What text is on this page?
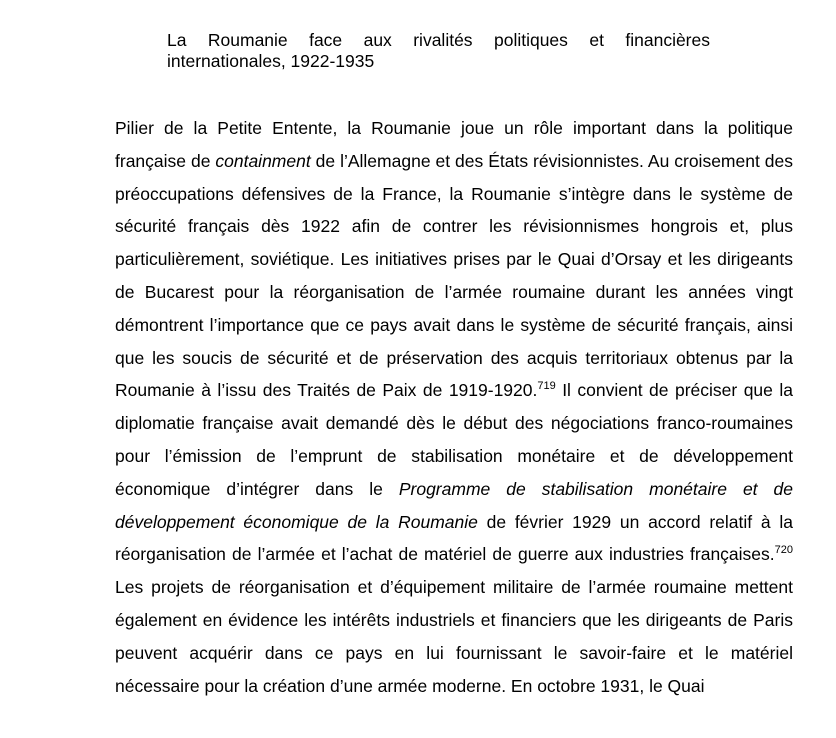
La Roumanie face aux rivalités politiques et financières internationales, 1922-1935

Pilier de la Petite Entente, la Roumanie joue un rôle important dans la politique française de containment de l’Allemagne et des États révisionnistes. Au croisement des préoccupations défensives de la France, la Roumanie s’intègre dans le système de sécurité français dès 1922 afin de contrer les révisionnismes hongrois et, plus particulièrement, soviétique. Les initiatives prises par le Quai d’Orsay et les dirigeants de Bucarest pour la réorganisation de l’armée roumaine durant les années vingt démontrent l’importance que ce pays avait dans le système de sécurité français, ainsi que les soucis de sécurité et de préservation des acquis territoriaux obtenus par la Roumanie à l’issu des Traités de Paix de 1919-1920.$^{719}$ Il convient de préciser que la diplomatie française avait demandé dès le début des négociations franco-roumaines pour l’émission de l’emprunt de stabilisation monétaire et de développement économique d’intégrer dans le Programme de stabilisation monétaire et de développement économique de la Roumanie de février 1929 un accord relatif à la réorganisation de l’armée et l’achat de matériel de guerre aux industries françaises.$^{720}$ Les projets de réorganisation et d’équipement militaire de l’armée roumaine mettent également en évidence les intérêts industriels et financiers que les dirigeants de Paris peuvent acquérir dans ce pays en lui fournissant le savoir-faire et le matériel nécessaire pour la création d’une armée moderne. En octobre 1931, le Quai
